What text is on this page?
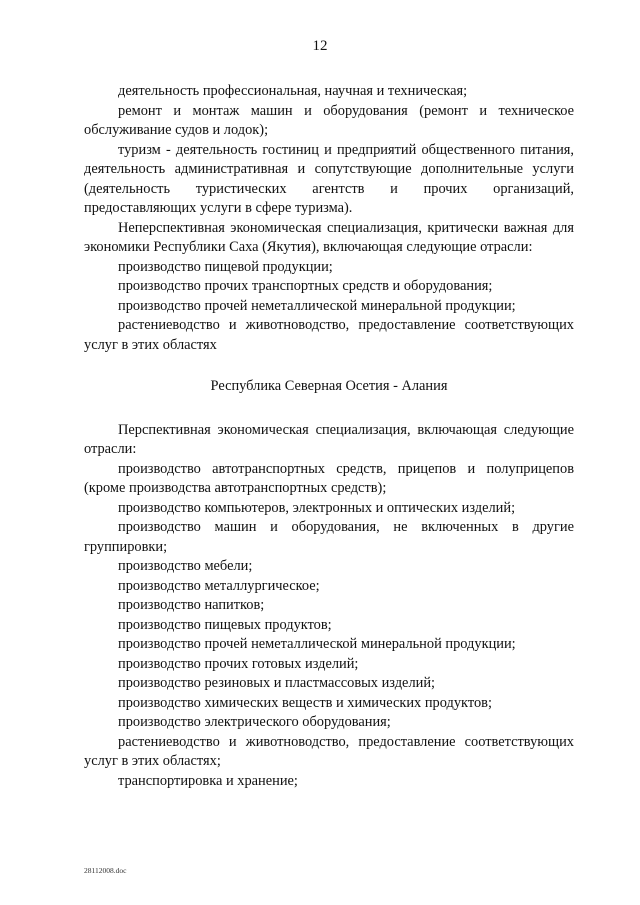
12

деятельность профессиональная, научная и техническая;

ремонт и монтаж машин и оборудования (ремонт и техническое обслуживание судов и лодок);

туризм - деятельность гостиниц и предприятий общественного питания, деятельность административная и сопутствующие дополнительные услуги (деятельность туристических агентств и прочих организаций, предоставляющих услуги в сфере туризма).

Неперспективная экономическая специализация, критически важная для экономики Республики Саха (Якутия), включающая следующие отрасли:

производство пищевой продукции;

производство прочих транспортных средств и оборудования;

производство прочей неметаллической минеральной продукции;

растениеводство и животноводство, предоставление соответствующих услуг в этих областях

Республика Северная Осетия - Алания

Перспективная экономическая специализация, включающая следующие отрасли:

производство автотранспортных средств, прицепов и полуприцепов (кроме производства автотранспортных средств);

производство компьютеров, электронных и оптических изделий;

производство машин и оборудования, не включенных в другие группировки;

производство мебели;

производство металлургическое;

производство напитков;

производство пищевых продуктов;

производство прочей неметаллической минеральной продукции;

производство прочих готовых изделий;

производство резиновых и пластмассовых изделий;

производство химических веществ и химических продуктов;

производство электрического оборудования;

растениеводство и животноводство, предоставление соответствующих услуг в этих областях;

транспортировка и хранение;

28112008.doc
